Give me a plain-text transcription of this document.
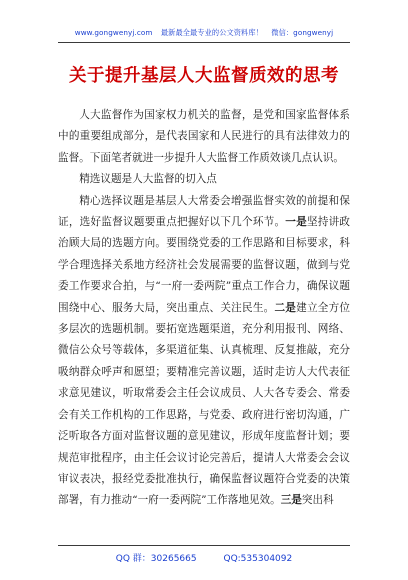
www.gongwenyj.com 最新最全最专业的公文资料库！ 微信：gongwenyj
关于提升基层人大监督质效的思考

人大监督作为国家权力机关的监督，是党和国家监督体系中的重要组成部分，是代表国家和人民进行的具有法律效力的监督。下面笔者就进一步提升人大监督工作质效谈几点认识。

精选议题是人大监督的切入点

精心选择议题是基层人大常委会增强监督实效的前提和保证，选好监督议题要重点把握好以下几个环节。一是坚持讲政治顾大局的选题方向。要围绕党委的工作思路和目标要求，科学合理选择关系地方经济社会发展需要的监督议题，做到与党委工作要求合拍，与“一府一委两院”重点工作合力，确保议题围绕中心、服务大局，突出重点、关注民生。二是建立全方位多层次的选题机制。要拓宽选题渠道，充分利用报刊、网络、微信公众号等载体，多渠道征集、认真梳理、反复推敲，充分吸纳群众呼声和愿望；要精准完善议题，适时走访人大代表征求意见建议，听取常委会主任会议成员、人大各专委会、常委会有关工作机构的工作思路，与党委、政府进行密切沟通，广泛听取各方面对监督议题的意见建议，形成年度监督计划；要规范审批程序，由主任会议讨论完善后，提请人大常委会会议审议表决，报经党委批准执行，确保监督议题符合党委的决策部署，有力推动“一府一委两院”工作落地见效。三是突出科

QQ 群：30265665	QQ:535304092
